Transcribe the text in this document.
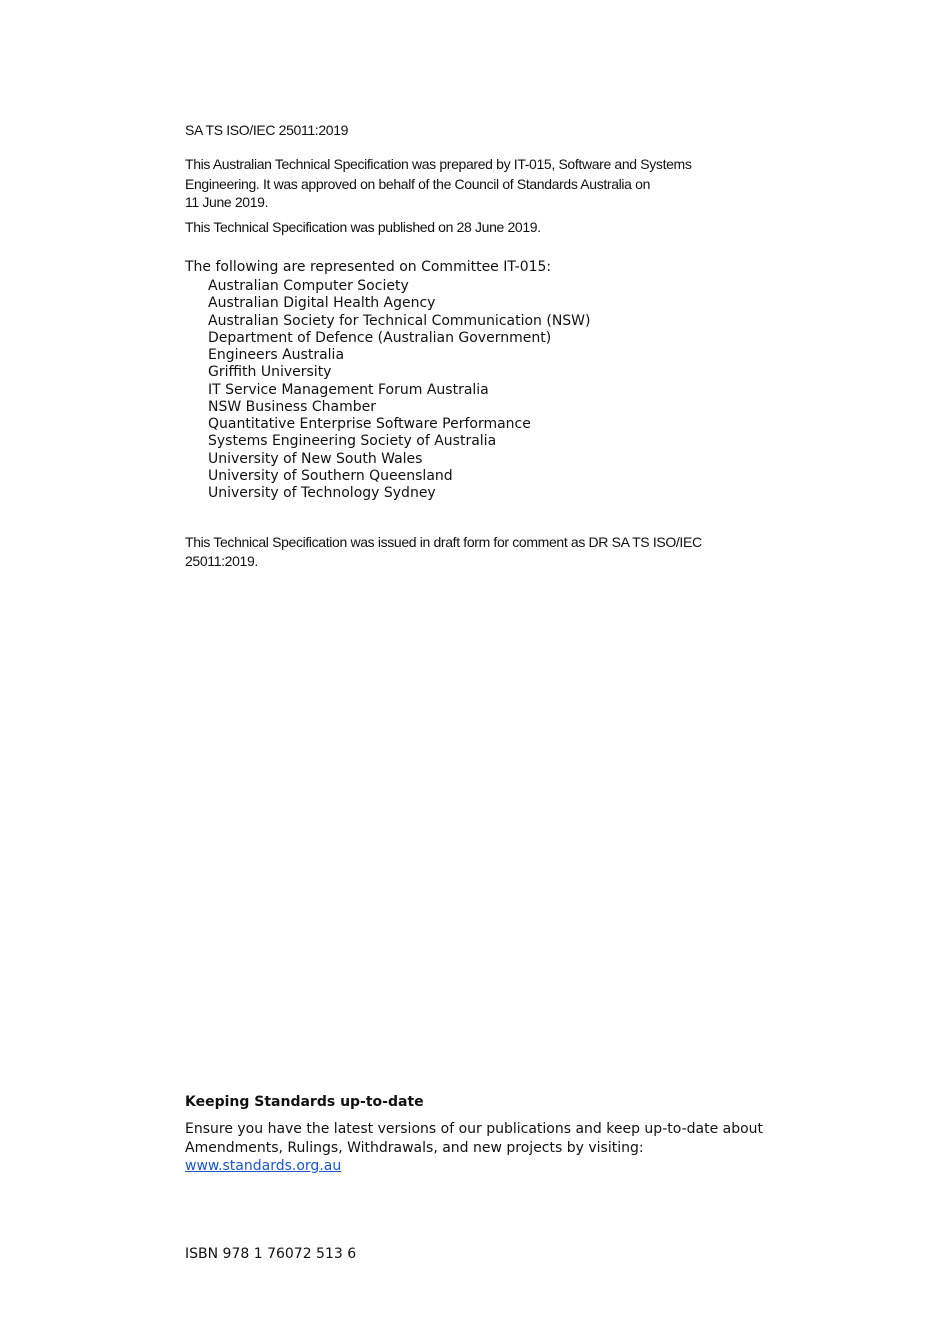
SA TS ISO/IEC 25011:2019
This Australian Technical Specification was prepared by IT-015, Software and Systems
Engineering. It was approved on behalf of the Council of Standards Australia on
11 June 2019.
This Technical Specification was published on 28 June 2019.
The following are represented on Committee IT-015:
Australian Computer Society
Australian Digital Health Agency
Australian Society for Technical Communication (NSW)
Department of Defence (Australian Government)
Engineers Australia
Griffith University
IT Service Management Forum Australia
NSW Business Chamber
Quantitative Enterprise Software Performance
Systems Engineering Society of Australia
University of New South Wales
University of Southern Queensland
University of Technology Sydney
This Technical Specification was issued in draft form for comment as DR SA TS ISO/IEC
25011:2019.
Keeping Standards up-to-date
Ensure you have the latest versions of our publications and keep up-to-date about
Amendments, Rulings, Withdrawals, and new projects by visiting:
www.standards.org.au
ISBN 978 1 76072 513 6
